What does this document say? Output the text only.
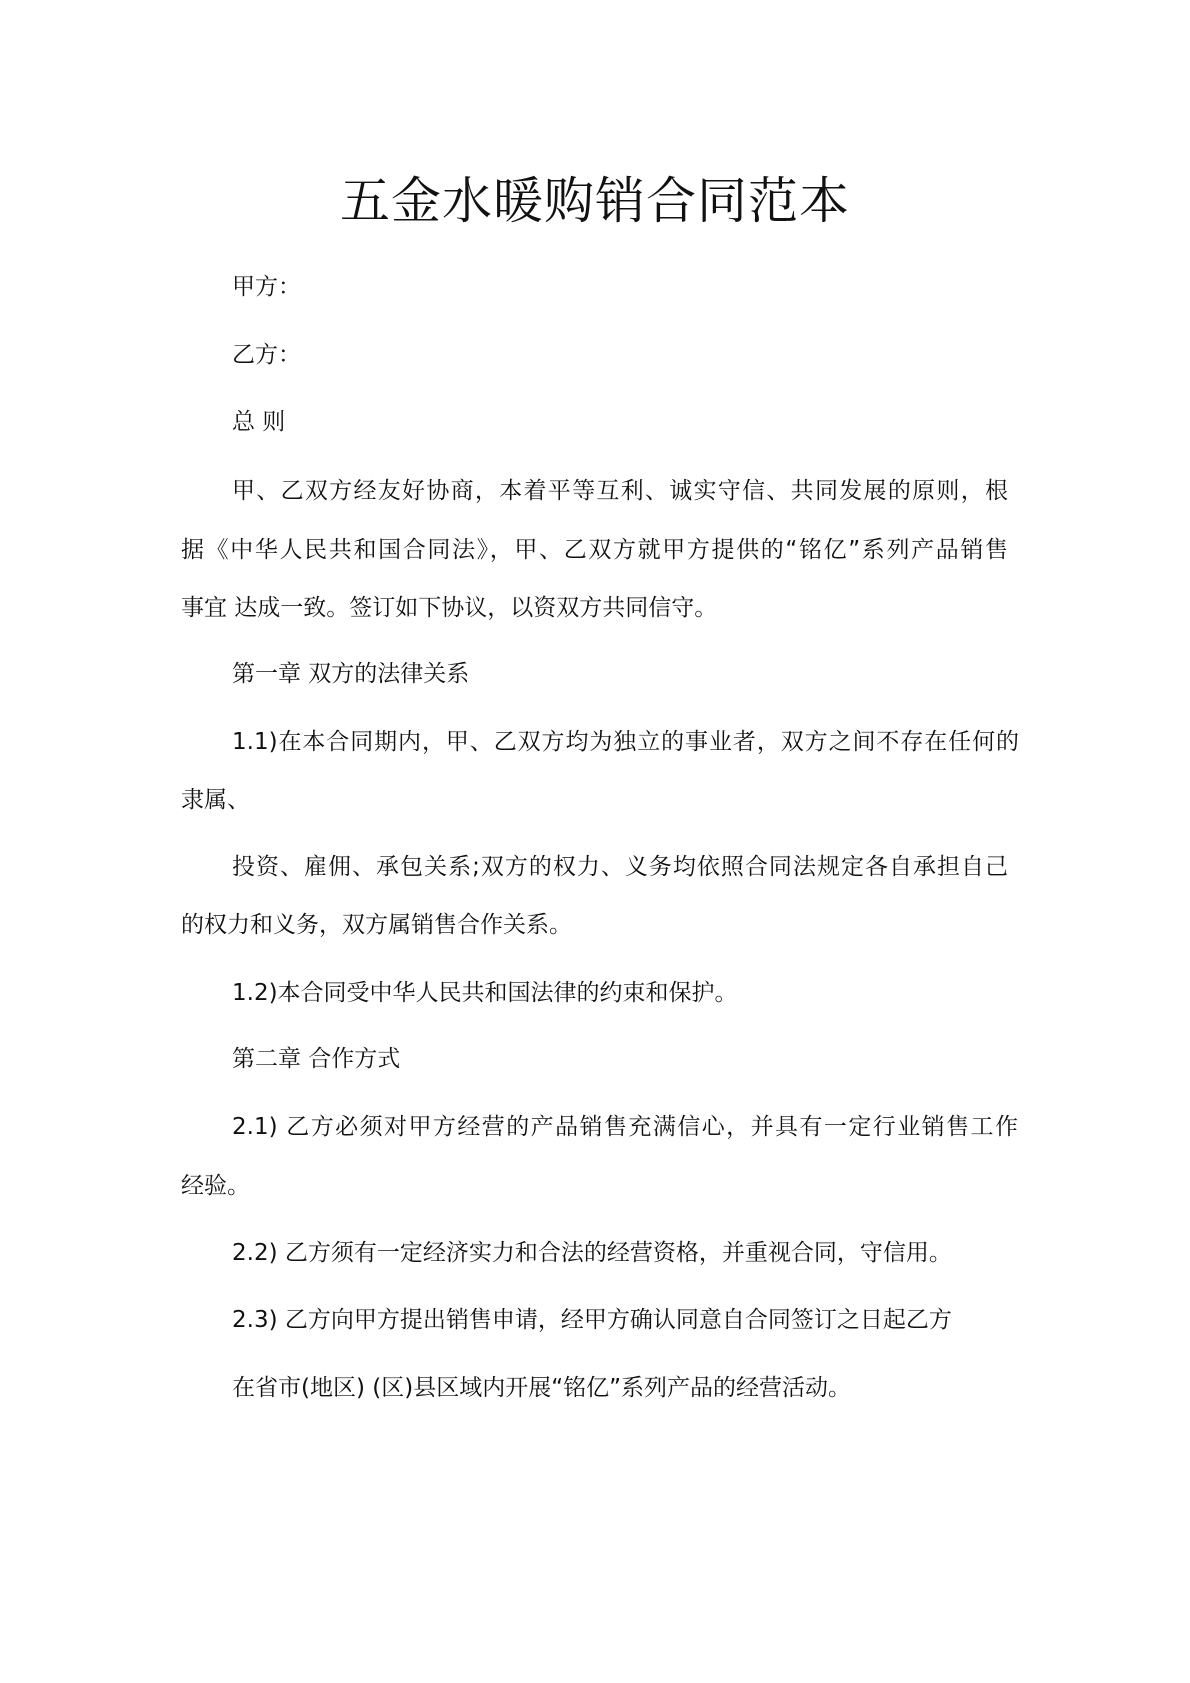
五金水暖购销合同范本

甲方：

乙方：

总 则

甲、乙双方经友好协商，本着平等互利、诚实守信、共同发展的原则，根

据《中华人民共和国合同法》，甲、乙双方就甲方提供的“铭亿”系列产品销售

事宜 达成一致。签订如下协议，以资双方共同信守。

第一章 双方的法律关系

1.1)在本合同期内，甲、乙双方均为独立的事业者，双方之间不存在任何的

隶属、

投资、雇佣、承包关系;双方的权力、义务均依照合同法规定各自承担自己

的权力和义务，双方属销售合作关系。

1.2)本合同受中华人民共和国法律的约束和保护。

第二章 合作方式

2.1) 乙方必须对甲方经营的产品销售充满信心，并具有一定行业销售工作

经验。

2.2) 乙方须有一定经济实力和合法的经营资格，并重视合同，守信用。

2.3) 乙方向甲方提出销售申请，经甲方确认同意自合同签订之日起乙方

在省市(地区) (区)县区域内开展“铭亿”系列产品的经营活动。
